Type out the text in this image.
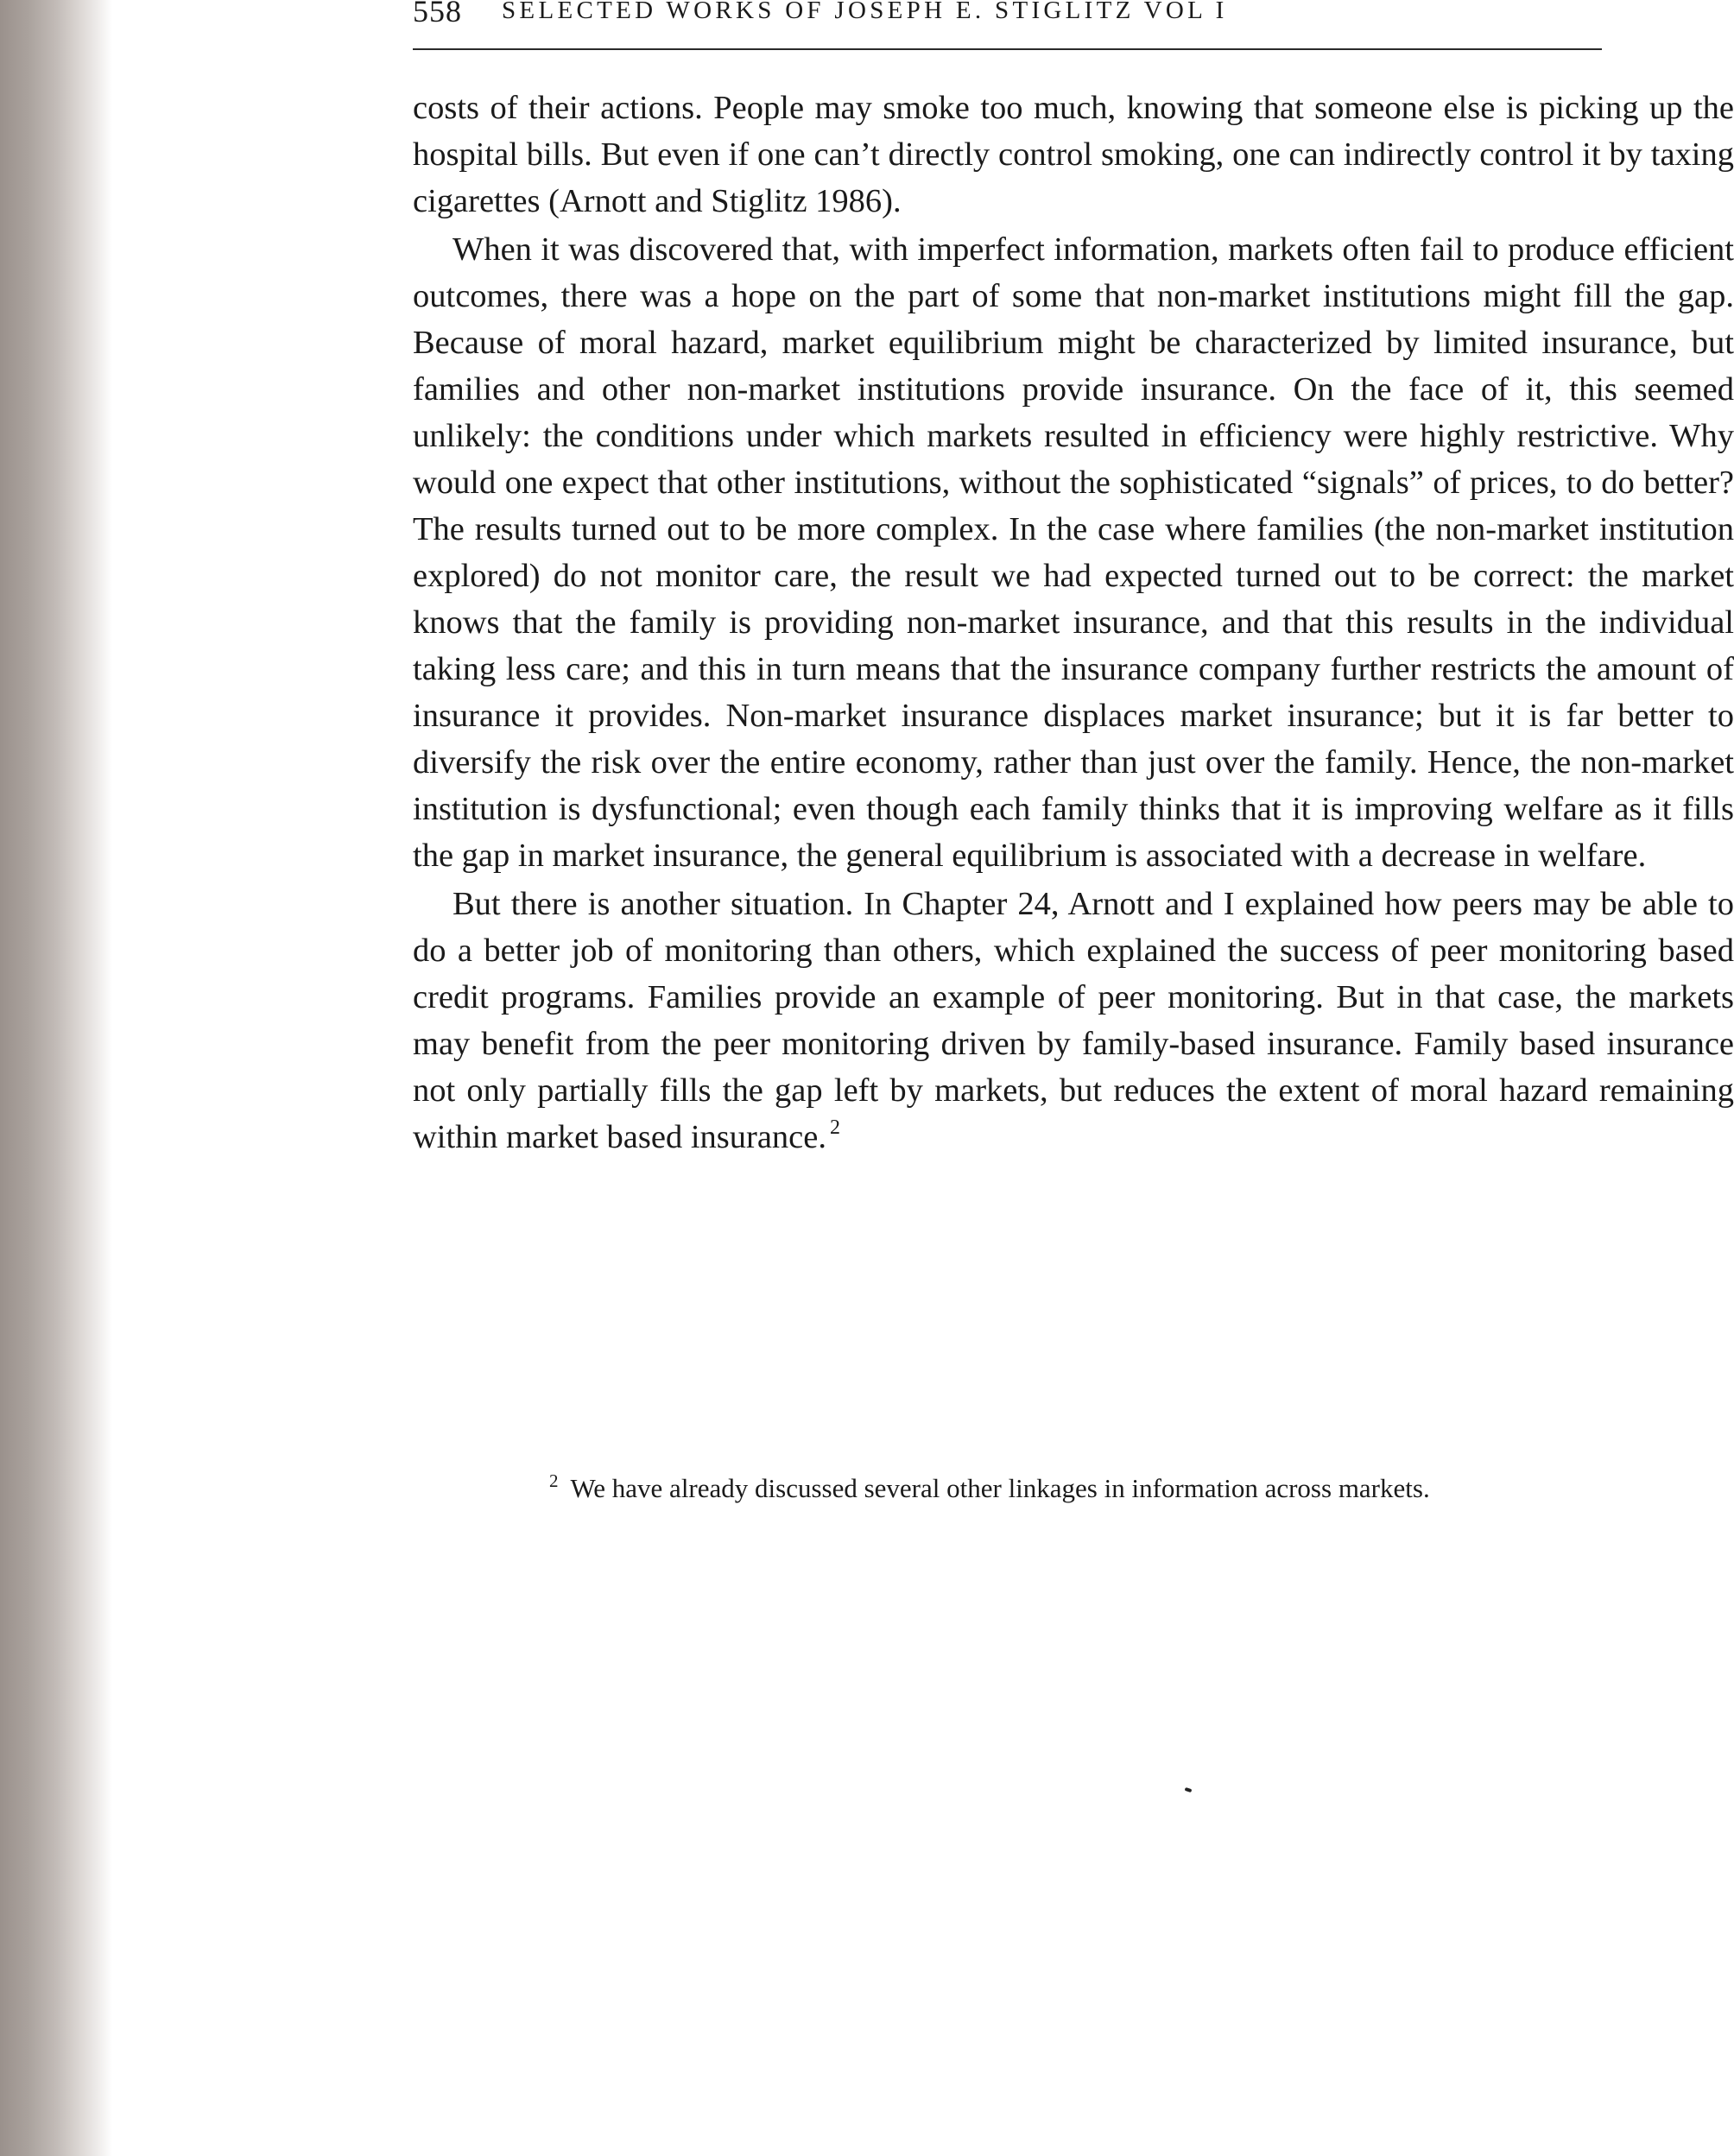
558 SELECTED WORKS OF JOSEPH E. STIGLITZ VOL I

costs of their actions. People may smoke too much, knowing that someone else is picking up the hospital bills. But even if one can’t directly control smoking, one can indirectly control it by taxing cigarettes (Arnott and Stiglitz 1986).

When it was discovered that, with imperfect information, markets often fail to produce efficient outcomes, there was a hope on the part of some that non-market institutions might fill the gap. Because of moral hazard, market equilibrium might be characterized by limited insurance, but families and other non-market institutions provide insurance. On the face of it, this seemed unlikely: the conditions under which markets resulted in efficiency were highly restrictive. Why would one expect that other institutions, without the sophisticated “signals” of prices, to do better? The results turned out to be more complex. In the case where families (the non-market institution explored) do not monitor care, the result we had expected turned out to be correct: the market knows that the family is providing non-market insurance, and that this results in the individual taking less care; and this in turn means that the insurance company further restricts the amount of insurance it provides. Non-market insurance displaces market insurance; but it is far better to diversify the risk over the entire economy, rather than just over the family. Hence, the non-market institution is dysfunctional; even though each family thinks that it is improving welfare as it fills the gap in market insurance, the general equilibrium is associated with a decrease in welfare.

But there is another situation. In Chapter 24, Arnott and I explained how peers may be able to do a better job of monitoring than others, which explained the success of peer monitoring based credit programs. Families provide an example of peer monitoring. But in that case, the markets may benefit from the peer monitoring driven by family-based insurance. Family based insurance not only partially fills the gap left by markets, but reduces the extent of moral hazard remaining within market based insurance. $^2$

$^2$ We have already discussed several other linkages in information across markets.
